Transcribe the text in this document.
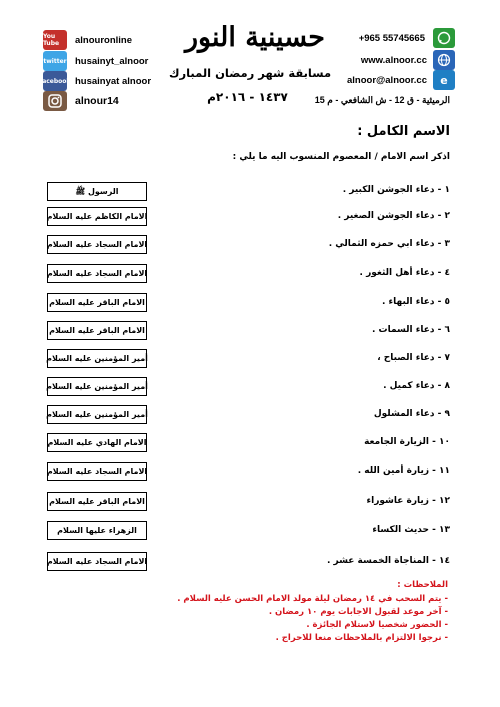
You Tube	alnouronline
twitter husainyt_alnoor
facebook husainyat alnoor
alnour14
حسينية النور
مسابقة شهر رمضان المبارك
١٤٣٧ - ٢٠١٦م
+965 55745665
www.alnoor.cc
alnoor@alnoor.cc e
الرميثية - ق 12 - ش الشافعي - م 15
الاسم الكامل :
اذكر اسم الامام / المعصوم المنسوب اليه ما يلي :
١ - دعاء الجوشن الكبير .
الرسول ﷺ
٢ - دعاء الجوشن الصغير .
الامام الكاظم عليه السلام
٣ - دعاء ابي حمزه الثمالي .
الامام السجاد عليه السلام
٤ - دعاء أهل الثغور .
الامام السجاد عليه السلام
٥ - دعاء البهاء .
الامام الباقر عليه السلام
٦ - دعاء السمات .
الامام الباقر عليه السلام
٧ - دعاء الصباح ،
أمير المؤمنين عليه السلام
٨ - دعاء كميل .
أمير المؤمنين عليه السلام
٩ - دعاء المشلول
أمير المؤمنين عليه السلام
١٠ - الزيارة الجامعة
الامام الهادي عليه السلام
١١ - زيارة أمين الله .
الامام السجاد عليه السلام
١٢ - زيارة عاشوراء
الامام الباقر عليه السلام
١٣ - حديث الكساء
الزهراء عليها السلام
١٤ - المناجاة الخمسة عشر .
الامام السجاد عليه السلام
الملاحظات :
- يتم السحب في ١٤ رمضان ليلة مولد الامام الحسن عليه السلام .
- آخر موعد لقبول الاجابات يوم ١٠ رمضان .
- الحضور شخصيا لاستلام الجائزة .
- نرجوا الالتزام بالملاحظات منعا للاحراج .
